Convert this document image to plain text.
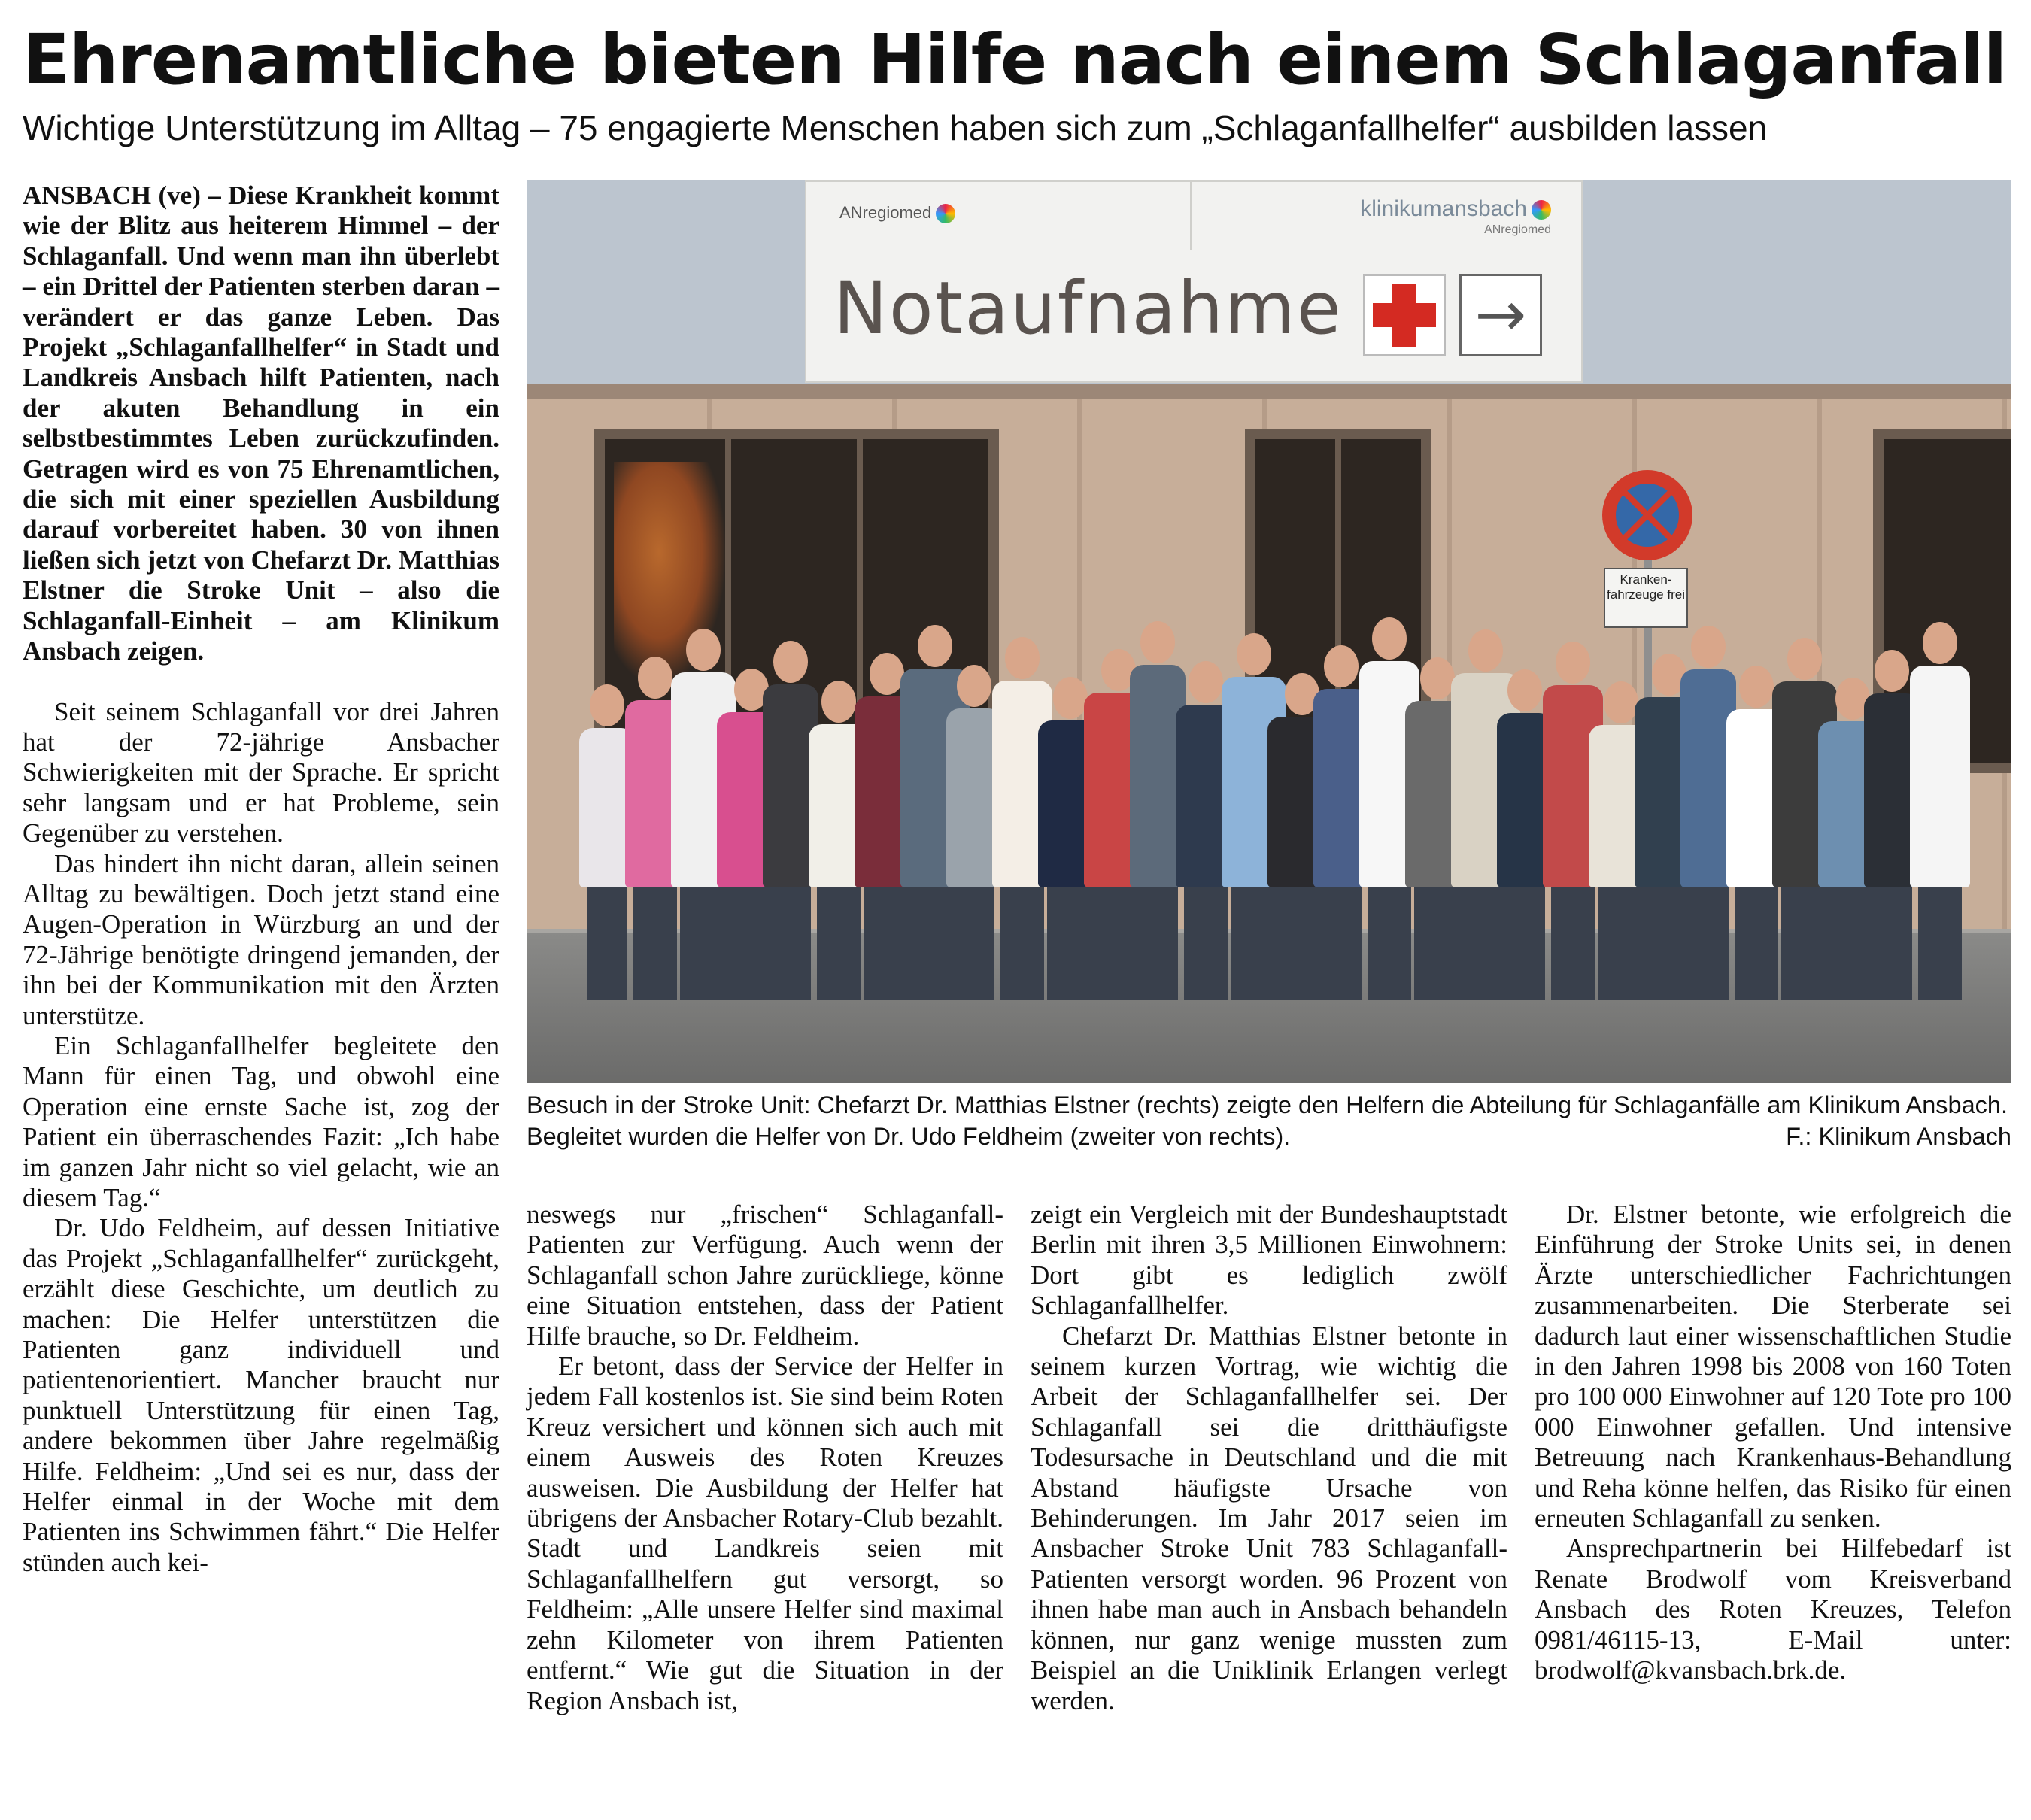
Ehrenamtliche bieten Hilfe nach einem Schlaganfall

Wichtige Unterstützung im Alltag – 75 engagierte Menschen haben sich zum „Schlaganfallhelfer“ ausbilden lassen

ANSBACH (ve) – Diese Krankheit kommt wie der Blitz aus heiterem Himmel – der Schlaganfall. Und wenn man ihn überlebt – ein Drittel der Patienten sterben daran – verändert er das ganze Leben. Das Projekt „Schlaganfallhelfer“ in Stadt und Landkreis Ansbach hilft Patienten, nach der akuten Behandlung in ein selbstbestimmtes Leben zurückzufinden. Getragen wird es von 75 Ehrenamtlichen, die sich mit einer speziellen Ausbildung darauf vorbereitet haben. 30 von ihnen ließen sich jetzt von Chefarzt Dr. Matthias Elstner die Stroke Unit – also die Schlaganfall-Einheit – am Klinikum Ansbach zeigen.

Seit seinem Schlaganfall vor drei Jahren hat der 72-jährige Ansbacher Schwierigkeiten mit der Sprache. Er spricht sehr langsam und er hat Probleme, sein Gegenüber zu verstehen.

Das hindert ihn nicht daran, allein seinen Alltag zu bewältigen. Doch jetzt stand eine Augen-Operation in Würzburg an und der 72-Jährige benötigte dringend jemanden, der ihn bei der Kommunikation mit den Ärzten unterstütze.

Ein Schlaganfallhelfer begleitete den Mann für einen Tag, und obwohl eine Operation eine ernste Sache ist, zog der Patient ein überraschendes Fazit: „Ich habe im ganzen Jahr nicht so viel gelacht, wie an diesem Tag.“

Dr. Udo Feldheim, auf dessen Initiative das Projekt „Schlaganfallhelfer“ zurückgeht, erzählt diese Geschichte, um deutlich zu machen: Die Helfer unterstützen die Patienten ganz individuell und patientenorientiert. Mancher braucht nur punktuell Unterstützung für einen Tag, andere bekommen über Jahre regelmäßig Hilfe. Feldheim: „Und sei es nur, dass der Helfer einmal in der Woche mit dem Patienten ins Schwimmen fährt.“ Die Helfer stünden auch kei-

ANregiomed	klinikumansbach
ANregiomed
Notaufnahme →
Kranken-fahrzeuge frei

Besuch in der Stroke Unit: Chefarzt Dr. Matthias Elstner (rechts) zeigte den Helfern die Abteilung für Schlaganfälle am Klinikum Ansbach. Begleitet wurden die Helfer von Dr. Udo Feldheim (zweiter von rechts).	F.: Klinikum Ansbach

neswegs nur „frischen“ Schlaganfall-Patienten zur Verfügung. Auch wenn der Schlaganfall schon Jahre zurückliege, könne eine Situation entstehen, dass der Patient Hilfe brauche, so Dr. Feldheim.

Er betont, dass der Service der Helfer in jedem Fall kostenlos ist. Sie sind beim Roten Kreuz versichert und können sich auch mit einem Ausweis des Roten Kreuzes ausweisen. Die Ausbildung der Helfer hat übrigens der Ansbacher Rotary-Club bezahlt. Stadt und Landkreis seien mit Schlaganfallhelfern gut versorgt, so Feldheim: „Alle unsere Helfer sind maximal zehn Kilometer von ihrem Patienten entfernt.“ Wie gut die Situation in der Region Ansbach ist,

zeigt ein Vergleich mit der Bundeshauptstadt Berlin mit ihren 3,5 Millionen Einwohnern: Dort gibt es lediglich zwölf Schlaganfallhelfer.

Chefarzt Dr. Matthias Elstner betonte in seinem kurzen Vortrag, wie wichtig die Arbeit der Schlaganfallhelfer sei. Der Schlaganfall sei die dritthäufigste Todesursache in Deutschland und die mit Abstand häufigste Ursache von Behinderungen. Im Jahr 2017 seien im Ansbacher Stroke Unit 783 Schlaganfall-Patienten versorgt worden. 96 Prozent von ihnen habe man auch in Ansbach behandeln können, nur ganz wenige mussten zum Beispiel an die Uniklinik Erlangen verlegt werden.

Dr. Elstner betonte, wie erfolgreich die Einführung der Stroke Units sei, in denen Ärzte unterschiedlicher Fachrichtungen zusammenarbeiten. Die Sterberate sei dadurch laut einer wissenschaftlichen Studie in den Jahren 1998 bis 2008 von 160 Toten pro 100 000 Einwohner auf 120 Tote pro 100 000 Einwohner gefallen. Und intensive Betreuung nach Krankenhaus-Behandlung und Reha könne helfen, das Risiko für einen erneuten Schlaganfall zu senken.

Ansprechpartnerin bei Hilfebedarf ist Renate Brodwolf vom Kreisverband Ansbach des Roten Kreuzes, Telefon 0981/46115-13, E-Mail unter: brodwolf@kvansbach.brk.de.
